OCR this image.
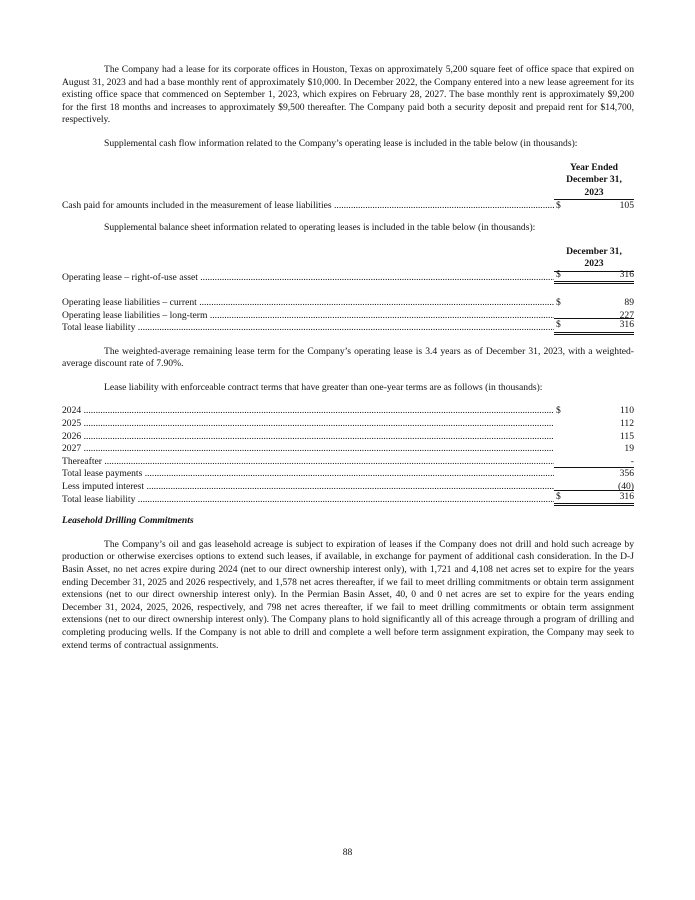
The Company had a lease for its corporate offices in Houston, Texas on approximately 5,200 square feet of office space that expired on August 31, 2023 and had a base monthly rent of approximately $10,000. In December 2022, the Company entered into a new lease agreement for its existing office space that commenced on September 1, 2023, which expires on February 28, 2027. The base monthly rent is approximately $9,200 for the first 18 months and increases to approximately $9,500 thereafter. The Company paid both a security deposit and prepaid rent for $14,700, respectively.

Supplemental cash flow information related to the Company’s operating lease is included in the table below (in thousands):

Year Ended
December 31,
2023
Cash paid for amounts included in the measurement of lease liabilities .....	$	105

Supplemental balance sheet information related to operating leases is included in the table below (in thousands):

December 31,
2023
Operating lease – right-of-use asset .....	$	316
Operating lease liabilities – current .....	$	89
Operating lease liabilities – long-term .....	227
Total lease liability .....	$	316

The weighted-average remaining lease term for the Company’s operating lease is 3.4 years as of December 31, 2023, with a weighted-average discount rate of 7.90%.

Lease liability with enforceable contract terms that have greater than one-year terms are as follows (in thousands):

2024 .....	$	110
2025 .....	112
2026 .....	115
2027 .....	19
Thereafter .....	-
Total lease payments .....	356
Less imputed interest .....	(40)
Total lease liability .....	$	316

Leasehold Drilling Commitments

The Company’s oil and gas leasehold acreage is subject to expiration of leases if the Company does not drill and hold such acreage by production or otherwise exercises options to extend such leases, if available, in exchange for payment of additional cash consideration. In the D-J Basin Asset, no net acres expire during 2024 (net to our direct ownership interest only), with 1,721 and 4,108 net acres set to expire for the years ending December 31, 2025 and 2026 respectively, and 1,578 net acres thereafter, if we fail to meet drilling commitments or obtain term assignment extensions (net to our direct ownership interest only). In the Permian Basin Asset, 40, 0 and 0 net acres are set to expire for the years ending December 31, 2024, 2025, 2026, respectively, and 798 net acres thereafter, if we fail to meet drilling commitments or obtain term assignment extensions (net to our direct ownership interest only). The Company plans to hold significantly all of this acreage through a program of drilling and completing producing wells. If the Company is not able to drill and complete a well before term assignment expiration, the Company may seek to extend terms of contractual assignments.

88
